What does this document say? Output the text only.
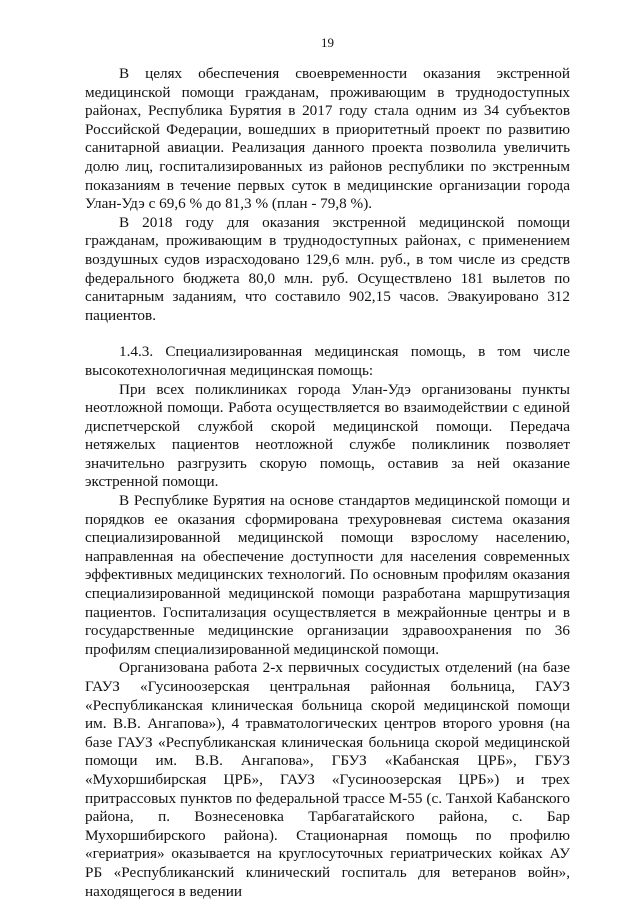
19

В целях обеспечения своевременности оказания экстренной медицинской помощи гражданам, проживающим в труднодоступных районах, Республика Бурятия в 2017 году стала одним из 34 субъектов Российской Федерации, вошедших в приоритетный проект по развитию санитарной авиации. Реализация данного проекта позволила увеличить долю лиц, госпитализированных из районов республики по экстренным показаниям в течение первых суток в медицинские организации города Улан-Удэ с 69,6 % до 81,3 % (план - 79,8 %).

В 2018 году для оказания экстренной медицинской помощи гражданам, проживающим в труднодоступных районах, с применением воздушных судов израсходовано 129,6 млн. руб., в том числе из средств федерального бюджета 80,0 млн. руб. Осуществлено 181 вылетов по санитарным заданиям, что составило 902,15 часов. Эвакуировано 312 пациентов.

1.4.3. Специализированная медицинская помощь, в том числе высокотехнологичная медицинская помощь:

При всех поликлиниках города Улан-Удэ организованы пункты неотложной помощи. Работа осуществляется во взаимодействии с единой диспетчерской службой скорой медицинской помощи. Передача нетяжелых пациентов неотложной службе поликлиник позволяет значительно разгрузить скорую помощь, оставив за ней оказание экстренной помощи.

В Республике Бурятия на основе стандартов медицинской помощи и порядков ее оказания сформирована трехуровневая система оказания специализированной медицинской помощи взрослому населению, направленная на обеспечение доступности для населения современных эффективных медицинских технологий. По основным профилям оказания специализированной медицинской помощи разработана маршрутизация пациентов. Госпитализация осуществляется в межрайонные центры и в государственные медицинские организации здравоохранения по 36 профилям специализированной медицинской помощи.

Организована работа 2-х первичных сосудистых отделений (на базе ГАУЗ «Гусиноозерская центральная районная больница, ГАУЗ «Республиканская клиническая больница скорой медицинской помощи им. В.В. Ангапова»), 4 травматологических центров второго уровня (на базе ГАУЗ «Республиканская клиническая больница скорой медицинской помощи им. В.В. Ангапова», ГБУЗ «Кабанская ЦРБ», ГБУЗ «Мухоршибирская ЦРБ», ГАУЗ «Гусиноозерская ЦРБ») и трех притрассовых пунктов по федеральной трассе М-55 (с. Танхой Кабанского района, п. Вознесеновка Тарбагатайского района, с. Бар Мухоршибирского района). Стационарная помощь по профилю «гериатрия» оказывается на круглосуточных гериатрических койках АУ РБ «Республиканский клинический госпиталь для ветеранов войн», находящегося в ведении
